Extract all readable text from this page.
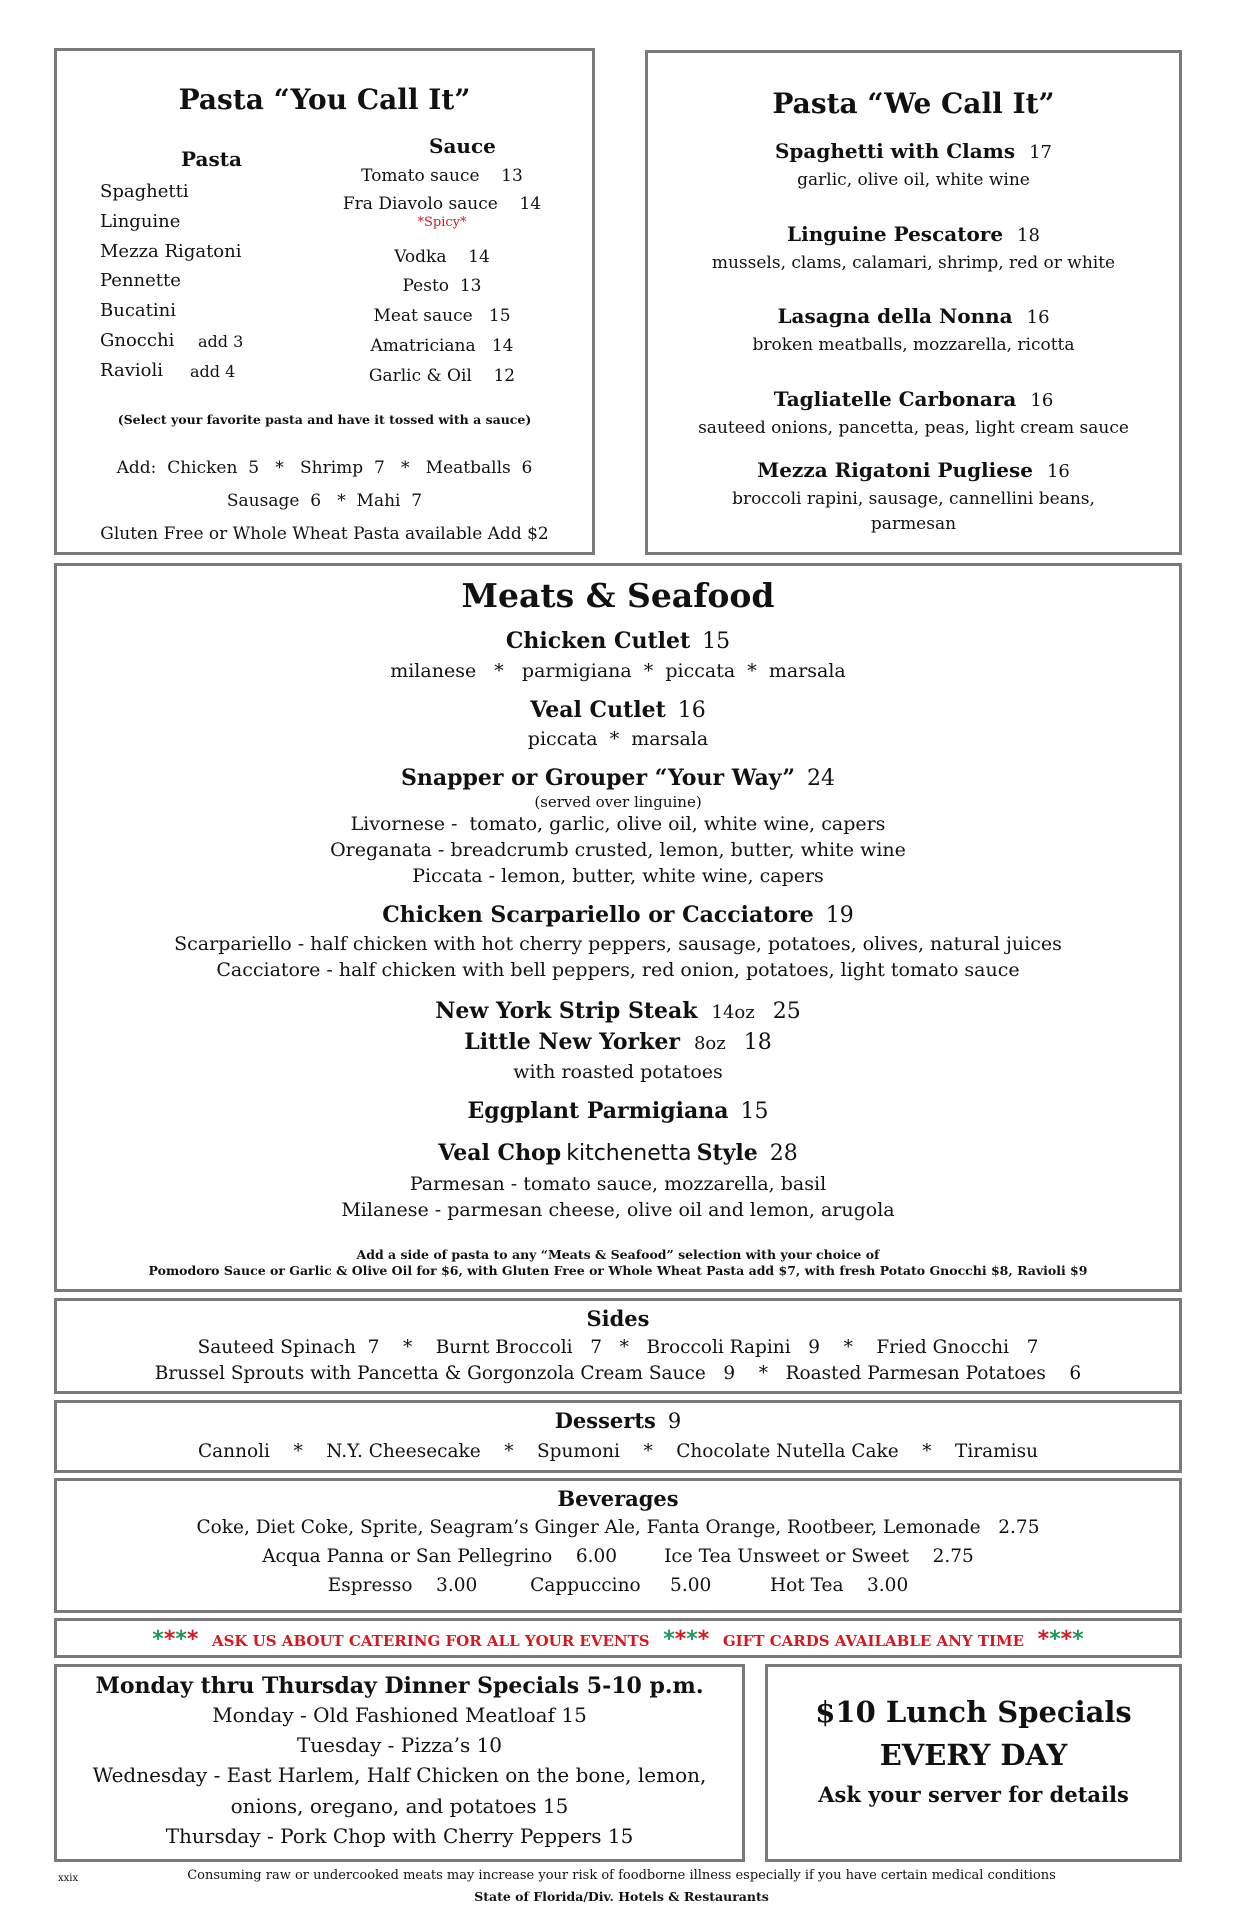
Pasta “You Call It”
Pasta
Sauce
Spaghetti
Linguine
Mezza Rigatoni
Pennette
Bucatini
Gnocchi add 3
Ravioli add 4
Tomato sauce 13
Fra Diavolo sauce 14
*Spicy*
Vodka 14
Pesto 13
Meat sauce 15
Amatriciana 14
Garlic & Oil 12
(Select your favorite pasta and have it tossed with a sauce)
Add:  Chicken  5   *   Shrimp  7   *   Meatballs  6
Sausage  6   *  Mahi  7
Gluten Free or Whole Wheat Pasta available Add $2
Pasta “We Call It”
Spaghetti with Clams 17
garlic, olive oil, white wine
Linguine Pescatore 18
mussels, clams, calamari, shrimp, red or white
Lasagna della Nonna 16
broken meatballs, mozzarella, ricotta
Tagliatelle Carbonara 16
sauteed onions, pancetta, peas, light cream sauce
Mezza Rigatoni Pugliese 16
broccoli rapini, sausage, cannellini beans,
parmesan
Meats & Seafood
Chicken Cutlet 15
milanese   *   parmigiana  *  piccata  *  marsala
Veal Cutlet 16
piccata  *  marsala
Snapper or Grouper “Your Way” 24
(served over linguine)
Livornese -  tomato, garlic, olive oil, white wine, capers
Oreganata - breadcrumb crusted, lemon, butter, white wine
Piccata - lemon, butter, white wine, capers
Chicken Scarpariello or Cacciatore 19
Scarpariello - half chicken with hot cherry peppers, sausage, potatoes, olives, natural juices
Cacciatore - half chicken with bell peppers, red onion, potatoes, light tomato sauce
New York Strip Steak 14oz 25
Little New Yorker 8oz 18
with roasted potatoes
Eggplant Parmigiana 15
Veal Chop kitchenetta Style 28
Parmesan - tomato sauce, mozzarella, basil
Milanese - parmesan cheese, olive oil and lemon, arugola
Add a side of pasta to any “Meats & Seafood” selection with your choice of
Pomodoro Sauce or Garlic & Olive Oil for $6, with Gluten Free or Whole Wheat Pasta add $7, with fresh Potato Gnocchi $8, Ravioli $9
Sides
Sauteed Spinach  7    *    Burnt Broccoli   7   *   Broccoli Rapini   9    *    Fried Gnocchi   7
Brussel Sprouts with Pancetta & Gorgonzola Cream Sauce   9    *   Roasted Parmesan Potatoes    6
Desserts 9
Cannoli    *    N.Y. Cheesecake    *    Spumoni    *    Chocolate Nutella Cake    *    Tiramisu
Beverages
Coke, Diet Coke, Sprite, Seagram’s Ginger Ale, Fanta Orange, Rootbeer, Lemonade   2.75
Acqua Panna or San Pellegrino    6.00        Ice Tea Unsweet or Sweet    2.75
Espresso    3.00         Cappuccino     5.00          Hot Tea    3.00
**** ASK US ABOUT CATERING FOR ALL YOUR EVENTS **** GIFT CARDS AVAILABLE ANY TIME ****
Monday thru Thursday Dinner Specials 5-10 p.m.
Monday - Old Fashioned Meatloaf 15
Tuesday - Pizza’s 10
Wednesday - East Harlem, Half Chicken on the bone, lemon,
onions, oregano, and potatoes 15
Thursday - Pork Chop with Cherry Peppers 15
$10 Lunch Specials
EVERY DAY
Ask your server for details
xxix	Consuming raw or undercooked meats may increase your risk of foodborne illness especially if you have certain medical conditions
State of Florida/Div. Hotels & Restaurants
